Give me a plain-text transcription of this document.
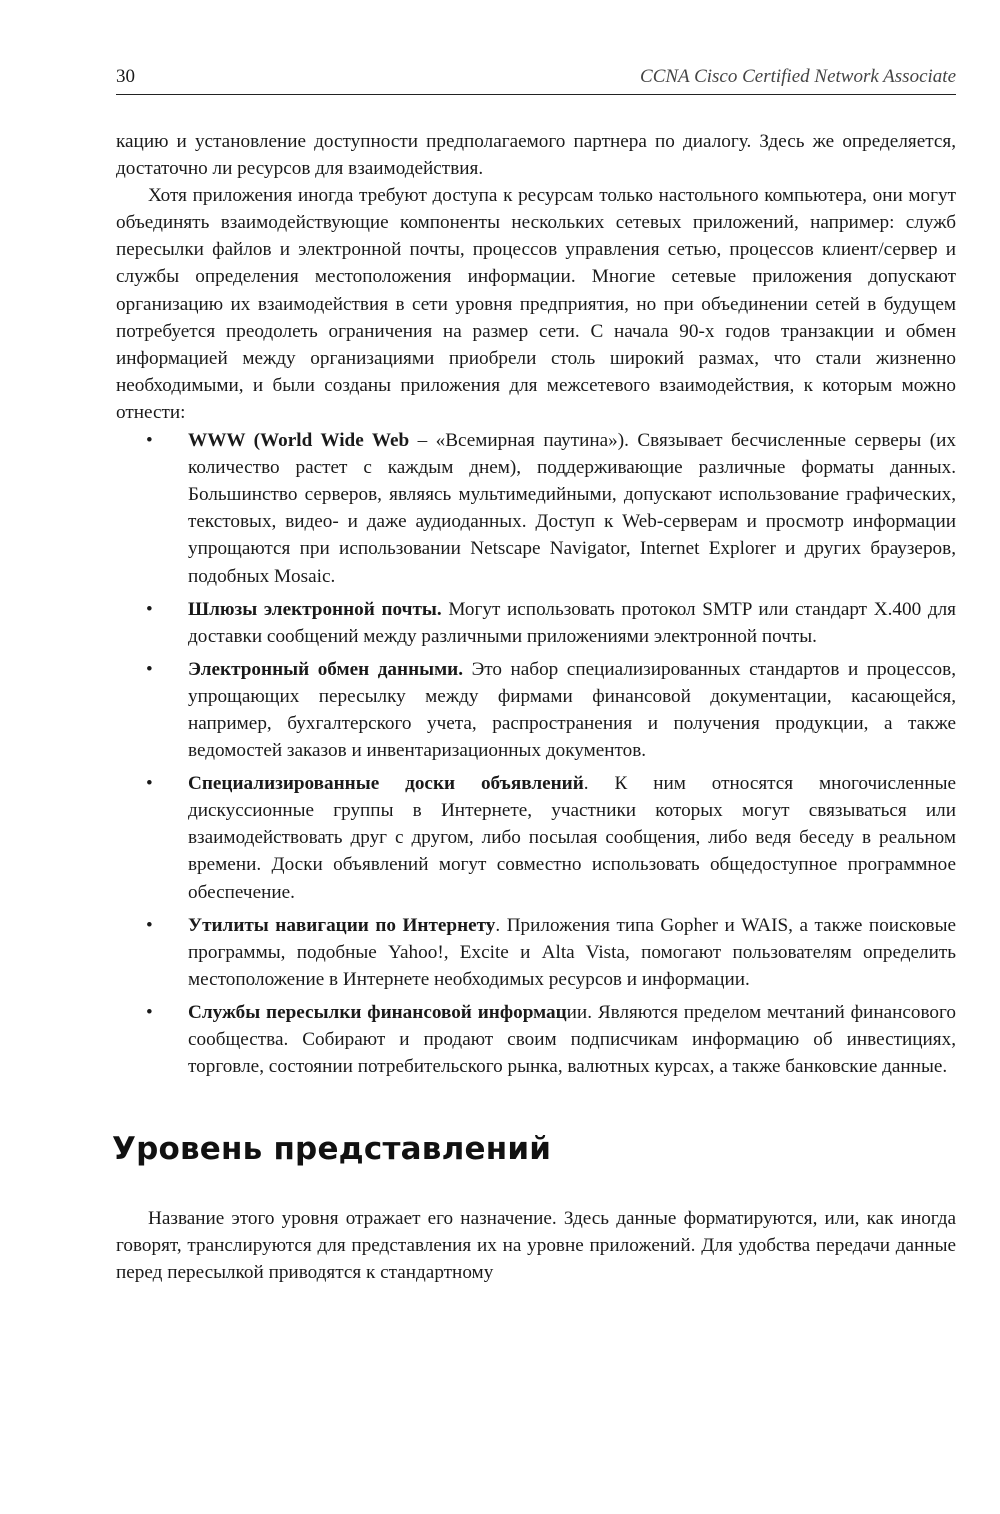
30	CCNA Cisco Certified Network Associate

кацию и установление доступности предполагаемого партнера по диалогу. Здесь же определяется, достаточно ли ресурсов для взаимодействия.

Хотя приложения иногда требуют доступа к ресурсам только настольного компьютера, они могут объединять взаимодействующие компоненты нескольких сетевых приложений, например: служб пересылки файлов и электронной почты, процессов управления сетью, процессов клиент/сервер и службы определения местоположения информации. Многие сетевые приложения допускают организацию их взаимодействия в сети уровня предприятия, но при объединении сетей в будущем потребуется преодолеть ограничения на размер сети. С начала 90-х годов транзакции и обмен информацией между организациями приобрели столь широкий размах, что стали жизненно необходимыми, и были созданы приложения для межсетевого взаимодействия, к которым можно отнести:

• WWW (World Wide Web – «Всемирная паутина»). Связывает бесчисленные серверы (их количество растет с каждым днем), поддерживающие различные форматы данных. Большинство серверов, являясь мультимедийными, допускают использование графических, текстовых, видео- и даже аудиоданных. Доступ к Web-серверам и просмотр информации упрощаются при использовании Netscape Navigator, Internet Explorer и других браузеров, подобных Mosaic.
• Шлюзы электронной почты. Могут использовать протокол SMTP или стандарт X.400 для доставки сообщений между различными приложениями электронной почты.
• Электронный обмен данными. Это набор специализированных стандартов и процессов, упрощающих пересылку между фирмами финансовой документации, касающейся, например, бухгалтерского учета, распространения и получения продукции, а также ведомостей заказов и инвентаризационных документов.
• Специализированные доски объявлений. К ним относятся многочисленные дискуссионные группы в Интернете, участники которых могут связываться или взаимодействовать друг с другом, либо посылая сообщения, либо ведя беседу в реальном времени. Доски объявлений могут совместно использовать общедоступное программное обеспечение.
• Утилиты навигации по Интернету. Приложения типа Gopher и WAIS, а также поисковые программы, подобные Yahoo!, Excite и Alta Vista, помогают пользователям определить местоположение в Интернете необходимых ресурсов и информации.
• Службы пересылки финансовой информации. Являются пределом мечтаний финансового сообщества. Собирают и продают своим подписчикам информацию об инвестициях, торговле, состоянии потребительского рынка, валютных курсах, а также банковские данные.
Уровень представлений

Название этого уровня отражает его назначение. Здесь данные форматируются, или, как иногда говорят, транслируются для представления их на уровне приложений. Для удобства передачи данные перед пересылкой приводятся к стандартному
